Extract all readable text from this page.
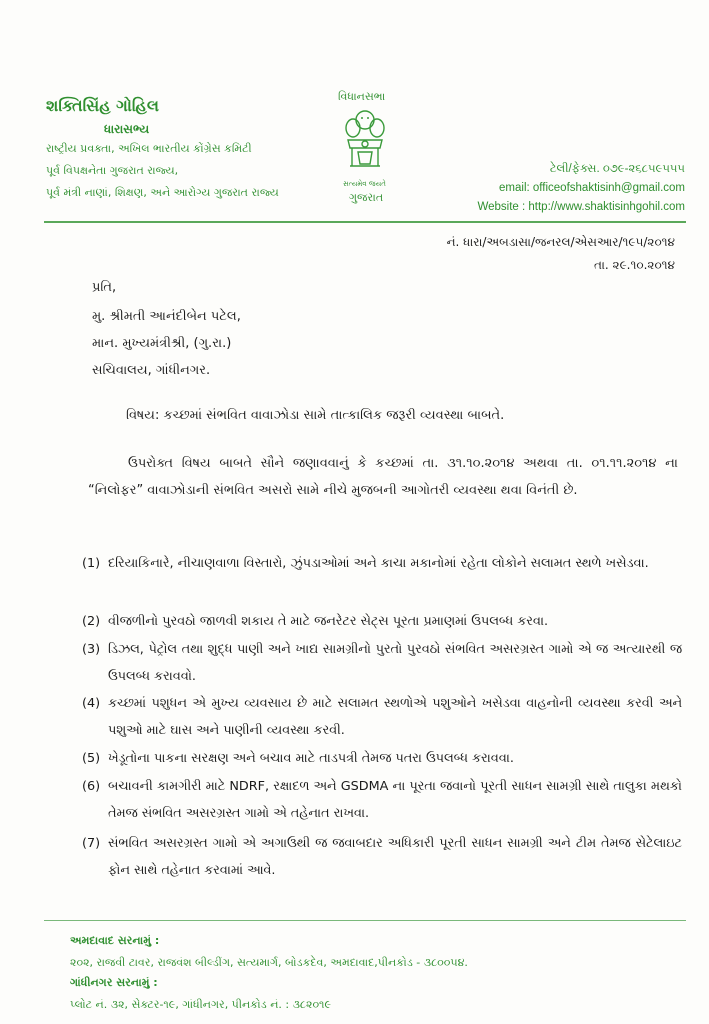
શક્તિસિંહ ગોહિલ
ધારાસભ્ય
રાષ્ટ્રીય પ્રવક્તા, અખિલ ભારતીય કોંગ્રેસ કમિટી
પૂર્વ વિપક્ષનેતા ગુજરાત રાજ્ય,
પૂર્વ મંત્રી નાણાં, શિક્ષણ, અને આરોગ્ય ગુજરાત રાજ્ય
વિધાનસભા
સત્યમેવ જયતે
ગુજરાત
ટેલી/ફેક્સ. ૦૭૯-૨૬૮૫૯૫૫૫
email: officeofshaktisinh@gmail.com
Website : http://www.shaktisinhgohil.com
નં. ધારા/અબડાસા/જનરલ/એસઆર/૧૯૫/૨૦૧૪
તા. ૨૯.૧૦.૨૦૧૪
પ્રતિ,
મુ. શ્રીમતી આનંદીબેન પટેલ,
માન. મુખ્યમંત્રીશ્રી, (ગુ.રા.)
સચિવાલય, ગાંધીનગર.
વિષય: કચ્છમાં સંભવિત વાવાઝોડા સામે તાત્કાલિક જરૂરી વ્યવસ્થા બાબતે.
ઉપરોક્ત વિષય બાબતે સૌને જણાવવાનું કે કચ્છમાં તા. ૩૧.૧૦.૨૦૧૪ અથવા તા. ૦૧.૧૧.૨૦૧૪ ના “નિલોફર” વાવાઝોડાની સંભવિત અસરો સામે નીચે મુજબની આગોતરી વ્યવસ્થા થવા વિનંતી છે.
(1) દરિયાકિનારે, નીચાણવાળા વિસ્તારો, ઝુંપડાઓમાં અને કાચા મકાનોમાં રહેતા લોકોને સલામત સ્થળે ખસેડવા.
(2) વીજળીનો પુરવઠો જાળવી શકાય તે માટે જનરેટર સેટ્સ પૂરતા પ્રમાણમાં ઉપલબ્ધ કરવા.
(3) ડિઝલ, પેટ્રોલ તથા શુદ્ધ પાણી અને ખાદ્ય સામગ્રીનો પુરતો પુરવઠો સંભવિત અસરગ્રસ્ત ગામો એ જ અત્યારથી જ ઉપલબ્ધ કરાવવો.
(4) કચ્છમાં પશુધન એ મુખ્ય વ્યવસાય છે માટે સલામત સ્થળોએ પશુઓને ખસેડવા વાહનોની વ્યવસ્થા કરવી અને પશુઓ માટે ઘાસ અને પાણીની વ્યવસ્થા કરવી.
(5) ખેડૂતોના પાકના સરક્ષણ અને બચાવ માટે તાડપત્રી તેમજ પતરા ઉપલબ્ધ કરાવવા.
(6) બચાવની કામગીરી માટે NDRF, રક્ષાદળ અને GSDMA ના પૂરતા જવાનો પૂરતી સાધન સામગ્રી સાથે તાલુકા મથકો તેમજ સંભવિત અસરગ્રસ્ત ગામો એ તહેનાત રાખવા.
(7) સંભવિત અસરગ્રસ્ત ગામો એ અગાઉથી જ જવાબદાર અધિકારી પૂરતી સાધન સામગ્રી અને ટીમ તેમજ સેટેલાઇટ ફોન સાથે તહેનાત કરવામાં આવે.
અમદાવાદ સરનામું :
૨૦૨, રાજવી ટાવર, રાજવંશ બીલ્ડીંગ, સત્યમાર્ગ, બોડકદેવ, અમદાવાદ,પીનકોડ - ૩૮૦૦૫૪.
ગાંધીનગર સરનામું :
પ્લોટ નં. ૩૨, સેક્ટર-૧૯, ગાંધીનગર, પીનકોડ નં. : ૩૮૨૦૧૯
